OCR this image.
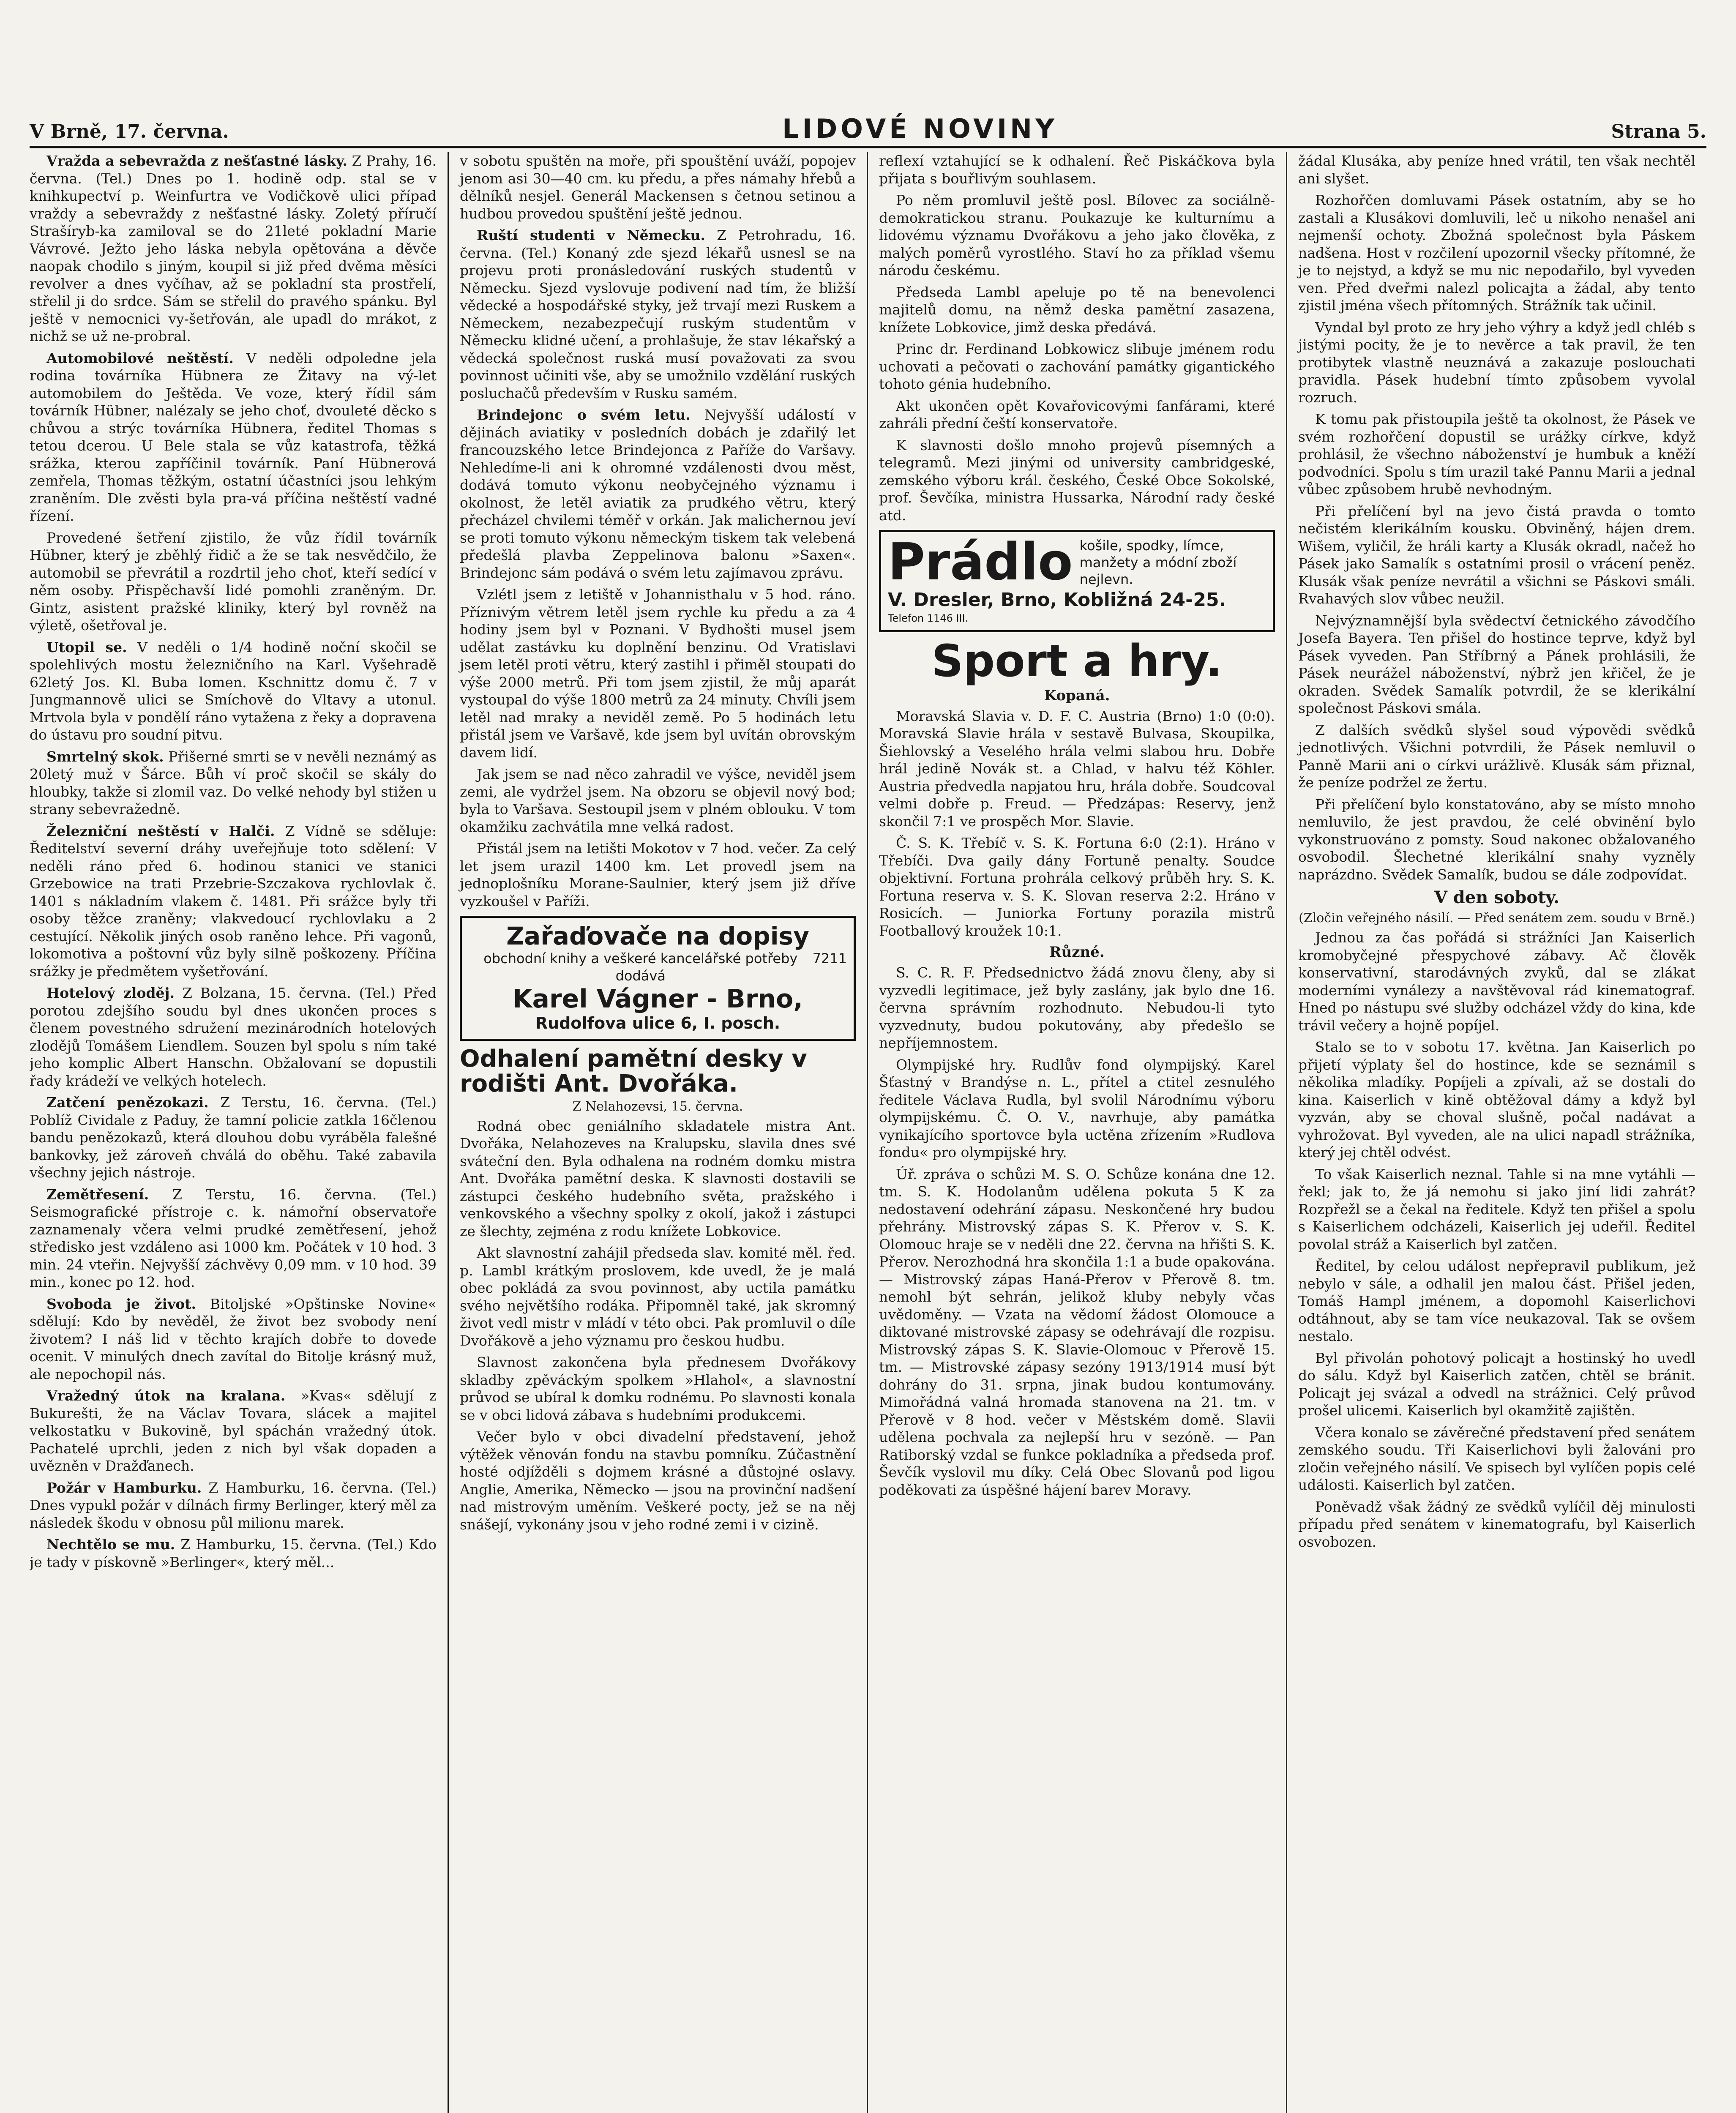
V Brně, 17. června.	LIDOVÉ NOVINY	Strana 5.

Vražda a sebevražda z nešťastné lásky. Z Prahy, 16. června. (Tel.) Dnes po 1. hodině odp. stal se v knihkupectví p. Weinfurtra ve Vodičkově ulici případ vraždy a sebevraždy z nešťastné lásky. Zoletý příručí Strašíryb-ka zamiloval se do 21leté pokladní Marie Vávrové. Ježto jeho láska nebyla opětována a děvče naopak chodilo s jiným, koupil si již před dvěma měsíci revolver a dnes vyčíhav, až se pokladní sta prostřelí, střelil ji do srdce. Sám se střelil do pravého spánku. Byl ještě v nemocnici vy-šetřován, ale upadl do mrákot, z nichž se už ne-probral.

Automobilové neštěstí. V neděli odpoledne jela rodina továrníka Hübnera ze Žitavy na vý-let automobilem do Ještěda. Ve voze, který řídil sám továrník Hübner, nalézaly se jeho choť, dvouleté děcko s chůvou a strýc továrníka Hübnera, ředitel Thomas s tetou dcerou. U Bele stala se vůz katastrofa, těžká srážka, kterou zapříčinil továrník. Paní Hübnerová zemřela, Thomas těžkým, ostatní účastníci jsou lehkým zraněním. Dle zvěsti byla pra-vá příčina neštěstí vadné řízení.

Provedené šetření zjistilo, že vůz řídil továrník Hübner, který je zběhlý řidič a že se tak nesvědčilo, že automobil se převrátil a rozdrtil jeho choť, kteří sedící v něm osoby. Přispěchavší lidé pomohli zraněným. Dr. Gintz, asistent pražské kliniky, který byl rovněž na výletě, ošetřoval je.

Utopil se. V neděli o 1/4 hodině noční skočil se spolehlivých mostu železničního na Karl. Vyšehradě 62letý Jos. Kl. Buba lomen. Kschnittz domu č. 7 v Jungmannově ulici se Smíchově do Vltavy a utonul. Mrtvola byla v pondělí ráno vytažena z řeky a dopravena do ústavu pro soudní pitvu.

Smrtelný skok. Přišerné smrti se v nevěli neznámý as 20letý muž v Šárce. Bůh ví proč skočil se skály do hloubky, takže si zlomil vaz. Do velké nehody byl stižen u strany sebevražedně.

Železniční neštěstí v Halči. Z Vídně se sděluje: Ředitelství severní dráhy uveřejňuje toto sdělení: V neděli ráno před 6. hodinou stanici ve stanici Grzebowice na trati Przebrie-Szczakova rychlovlak č. 1401 s nákladním vlakem č. 1481. Při srážce byly tři osoby těžce zraněny; vlakvedoucí rychlovlaku a 2 cestující. Několik jiných osob raněno lehce. Při vagonů, lokomotiva a poštovní vůz byly silně poškozeny. Příčina srážky je předmětem vyšetřování.

Hotelový zloděj. Z Bolzana, 15. června. (Tel.) Před porotou zdejšího soudu byl dnes ukončen proces s členem povestného sdružení mezinárodních hotelových zlodějů Tomášem Liendlem. Souzen byl spolu s ním také jeho komplic Albert Hanschn. Obžalovaní se dopustili řady krádeží ve velkých hotelech.

Zatčení penězokazi. Z Terstu, 16. června. (Tel.) Poblíž Cividale z Paduy, že tamní policie zatkla 16členou bandu penězokazů, která dlouhou dobu vyráběla falešné bankovky, jež zároveň chválá do oběhu. Také zabavila všechny jejich nástroje.

Zemětřesení. Z Terstu, 16. června. (Tel.) Seismografické přístroje c. k. námořní observatoře zaznamenaly včera velmi prudké zemětřesení, jehož středisko jest vzdáleno asi 1000 km. Počátek v 10 hod. 3 min. 24 vteřin. Nejvyšší záchvěvy 0,09 mm. v 10 hod. 39 min., konec po 12. hod.

Svoboda je život. Bitoljské »Opštinske Novine« sdělují: Kdo by nevěděl, že život bez svobody není životem? I náš lid v těchto krajích dobře to dovede ocenit. V minulých dnech zavítal do Bitolje krásný muž, ale nepochopil nás.

Vražedný útok na kralana. »Kvas« sdělují z Bukurešti, že na Václav Tovara, slácek a majitel velkostatku v Bukovině, byl spáchán vražedný útok. Pachatelé uprchli, jeden z nich byl však dopaden a uvězněn v Dražďanech.

Požár v Hamburku. Z Hamburku, 16. června. (Tel.) Dnes vypukl požár v dílnách firmy Berlinger, který měl za následek škodu v obnosu půl milionu marek.

Nechtělo se mu. Z Hamburku, 15. června. (Tel.) Kdo je tady v pískovně »Berlinger«, který měl...

v sobotu spuštěn na moře, při spouštění uváží, popojev jenom asi 30—40 cm. ku předu, a přes námahy hřebů a dělníků nesjel. Generál Mackensen s četnou setinou a hudbou provedou spuštění ještě jednou.

Ruští studenti v Německu. Z Petrohradu, 16. června. (Tel.) Konaný zde sjezd lékařů usnesl se na projevu proti pronásledování ruských studentů v Německu. Sjezd vyslovuje podivení nad tím, že bližší vědecké a hospodářské styky, jež trvají mezi Ruskem a Německem, nezabezpečují ruským studentům v Německu klidné učení, a prohlašuje, že stav lékařský a vědecká společnost ruská musí považovati za svou povinnost učiniti vše, aby se umožnilo vzdělání ruských posluchačů především v Rusku samém.

Brindejonc o svém letu. Nejvyšší událostí v dějinách aviatiky v posledních dobách je zdařilý let francouzského letce Brindejonca z Paříže do Varšavy. Nehledíme-li ani k ohromné vzdálenosti dvou měst, dodává tomuto výkonu neobyčejného významu i okolnost, že letěl aviatik za prudkého větru, který přecházel chvilemi téměř v orkán. Jak malichernou jeví se proti tomuto výkonu německým tiskem tak velebená předešlá plavba Zeppelinova balonu »Saxen«. Brindejonc sám podává o svém letu zajímavou zprávu.

Vzlétl jsem z letiště v Johannisthalu v 5 hod. ráno. Příznivým větrem letěl jsem rychle ku předu a za 4 hodiny jsem byl v Poznani. V Bydhošti musel jsem udělat zastávku ku doplnění benzinu. Od Vratislavi jsem letěl proti větru, který zastihl i přiměl stoupati do výše 2000 metrů. Při tom jsem zjistil, že můj aparát vystoupal do výše 1800 metrů za 24 minuty. Chvíli jsem letěl nad mraky a neviděl země. Po 5 hodinách letu přistál jsem ve Varšavě, kde jsem byl uvítán obrovským davem lidí.

Jak jsem se nad něco zahradil ve výšce, neviděl jsem zemi, ale vydržel jsem. Na obzoru se objevil nový bod; byla to Varšava. Sestoupil jsem v plném oblouku. V tom okamžiku zachvátila mne velká radost.

Přistál jsem na letišti Mokotov v 7 hod. večer. Za celý let jsem urazil 1400 km. Let provedl jsem na jednoplošníku Morane-Saulnier, který jsem již dříve vyzkoušel v Paříži.

Zařaďovače na dopisy
obchodní knihy a veškeré kancelářské potřeby dodává
7211
Karel Vágner - Brno,
Rudolfova ulice 6, I. posch.
Odhalení pamětní desky v rodišti Ant. Dvořáka.
Z Nelahozevsi, 15. června.

Rodná obec geniálního skladatele mistra Ant. Dvořáka, Nelahozeves na Kralupsku, slavila dnes své sváteční den. Byla odhalena na rodném domku mistra Ant. Dvořáka pamětní deska. K slavnosti dostavili se zástupci českého hudebního světa, pražského i venkovského a všechny spolky z okolí, jakož i zástupci ze šlechty, zejména z rodu knížete Lobkovice.

Akt slavnostní zahájil předseda slav. komité měl. řed. p. Lambl krátkým proslovem, kde uvedl, že je malá obec pokládá za svou povinnost, aby uctila památku svého největšího rodáka. Připomněl také, jak skromný život vedl mistr v mládí v této obci. Pak promluvil o díle Dvořákově a jeho významu pro českou hudbu.

Slavnost zakončena byla přednesem Dvořákovy skladby zpěváckým spolkem »Hlahol«, a slavnostní průvod se ubíral k domku rodnému. Po slavnosti konala se v obci lidová zábava s hudebními produkcemi.

Večer bylo v obci divadelní představení, jehož výtěžek věnován fondu na stavbu pomníku. Zúčastnění hosté odjížděli s dojmem krásné a důstojné oslavy. Anglie, Amerika, Německo — jsou na provinční nadšení nad mistrovým uměním. Veškeré pocty, jež se na něj snášejí, vykonány jsou v jeho rodné zemi i v cizině.

reflexí vztahující se k odhalení. Řeč Piskáčkova byla přijata s bouřlivým souhlasem.

Po něm promluvil ještě posl. Bílovec za sociálně-demokratickou stranu. Poukazuje ke kulturnímu a lidovému významu Dvořákovu a jeho jako člověka, z malých poměrů vyrostlého. Staví ho za příklad všemu národu českému.

Předseda Lambl apeluje po tě na benevolenci majitelů domu, na němž deska pamětní zasazena, knížete Lobkovice, jimž deska předává.

Princ dr. Ferdinand Lobkowicz slibuje jménem rodu uchovati a pečovati o zachování památky gigantického tohoto génia hudebního.

Akt ukončen opět Kovařovicovými fanfárami, které zahráli přední čeští konservatoře.

K slavnosti došlo mnoho projevů písemných a telegramů. Mezi jinými od university cambridgeské, zemského výboru král. českého, České Obce Sokolské, prof. Ševčíka, ministra Hussarka, Národní rady české atd.

Prádlo košile, spodky, límce, manžety a módní zboží nejlevn.
V. Dresler, Brno, Kobližná 24-25.
Telefon 1146 III.
Sport a hry.
Kopaná.

Moravská Slavia v. D. F. C. Austria (Brno) 1:0 (0:0). Moravská Slavie hrála v sestavě Bulvasa, Skoupilka, Šiehlovský a Veselého hrála velmi slabou hru. Dobře hrál jedině Novák st. a Chlad, v halvu též Köhler. Austria předvedla napjatou hru, hrála dobře. Soudcoval velmi dobře p. Freud. — Předzápas: Reservy, jenž skončil 7:1 ve prospěch Mor. Slavie.

Č. S. K. Třebíč v. S. K. Fortuna 6:0 (2:1). Hráno v Třebíči. Dva gaily dány Fortuně penalty. Soudce objektivní. Fortuna prohrála celkový průběh hry. S. K. Fortuna reserva v. S. K. Slovan reserva 2:2. Hráno v Rosicích. — Juniorka Fortuny porazila mistrů Footballový kroužek 10:1.

Různé.

S. C. R. F. Předsednictvo žádá znovu členy, aby si vyzvedli legitimace, jež byly zaslány, jak bylo dne 16. června správním rozhodnuto. Nebudou-li tyto vyzvednuty, budou pokutovány, aby předešlo se nepříjemnostem.

Olympijské hry. Rudlův fond olympijský. Karel Šťastný v Brandýse n. L., přítel a ctitel zesnulého ředitele Václava Rudla, byl svolil Národnímu výboru olympijskému. Č. O. V., navrhuje, aby památka vynikajícího sportovce byla uctěna zřízením »Rudlova fondu« pro olympijské hry.

Úř. zpráva o schůzi M. S. O. Schůze konána dne 12. tm. S. K. Hodolanům udělena pokuta 5 K za nedostavení odehrání zápasu. Neskončené hry budou přehrány. Mistrovský zápas S. K. Přerov v. S. K. Olomouc hraje se v neděli dne 22. června na hřišti S. K. Přerov. Nerozhodná hra skončila 1:1 a bude opakována. — Mistrovský zápas Haná-Přerov v Přerově 8. tm. nemohl být sehrán, jelikož kluby nebyly včas uvědoměny. — Vzata na vědomí žádost Olomouce a diktované mistrovské zápasy se odehrávají dle rozpisu. Mistrovský zápas S. K. Slavie-Olomouc v Přerově 15. tm. — Mistrovské zápasy sezóny 1913/1914 musí být dohrány do 31. srpna, jinak budou kontumovány. Mimořádná valná hromada stanovena na 21. tm. v Přerově v 8 hod. večer v Městském domě. Slavii udělena pochvala za nejlepší hru v sezóně. — Pan Ratiborský vzdal se funkce pokladníka a předseda prof. Ševčík vyslovil mu díky. Celá Obec Slovanů pod ligou poděkovati za úspěšné hájení barev Moravy.

žádal Klusáka, aby peníze hned vrátil, ten však nechtěl ani slyšet.

Rozhořčen domluvami Pásek ostatním, aby se ho zastali a Klusákovi domluvili, leč u nikoho nenašel ani nejmenší ochoty. Zbožná společnost byla Páskem nadšena. Host v rozčilení upozornil všecky přítomné, že je to nejstyd, a když se mu nic nepodařilo, byl vyveden ven. Před dveřmi nalezl policajta a žádal, aby tento zjistil jména všech přítomných. Strážník tak učinil.

Vyndal byl proto ze hry jeho výhry a když jedl chléb s jistými pocity, že je to nevěrce a tak pravil, že ten protibytek vlastně neuznává a zakazuje poslouchati pravidla. Pásek hudební tímto způsobem vyvolal rozruch.

K tomu pak přistoupila ještě ta okolnost, že Pásek ve svém rozhořčení dopustil se urážky církve, když prohlásil, že všechno náboženství je humbuk a kněží podvodníci. Spolu s tím urazil také Pannu Marii a jednal vůbec způsobem hrubě nevhodným.

Při přelíčení byl na jevo čistá pravda o tomto nečistém klerikálním kousku. Obviněný, hájen drem. Wišem, vyličil, že hráli karty a Klusák okradl, načež ho Pásek jako Samalík s ostatními prosil o vrácení peněz. Klusák však peníze nevrátil a všichni se Páskovi smáli. Rvahavých slov vůbec neužil.

Nejvýznamnější byla svědectví četnického závodčího Josefa Bayera. Ten přišel do hostince teprve, když byl Pásek vyveden. Pan Stříbrný a Pánek prohlásili, že Pásek neurážel náboženství, nýbrž jen křičel, že je okraden. Svědek Samalík potvrdil, že se klerikální společnost Páskovi smála.

Z dalších svědků slyšel soud výpovědi svědků jednotlivých. Všichni potvrdili, že Pásek nemluvil o Panně Marii ani o církvi urážlivě. Klusák sám přiznal, že peníze podržel ze žertu.

Při přelíčení bylo konstatováno, aby se místo mnoho nemluvilo, že jest pravdou, že celé obvinění bylo vykonstruováno z pomsty. Soud nakonec obžalovaného osvobodil. Šlechetné klerikální snahy vyzněly naprázdno. Svědek Samalík, budou se dále zodpovídat.

V den soboty.
(Zločin veřejného násilí. — Před senátem zem. soudu v Brně.)

Jednou za čas pořádá si strážníci Jan Kaiserlich kromobyčejné přespychové zábavy. Ač člověk konservativní, starodávných zvyků, dal se zlákat moderními vynálezy a navštěvoval rád kinematograf. Hned po nástupu své služby odcházel vždy do kina, kde trávil večery a hojně popíjel.

Stalo se to v sobotu 17. května. Jan Kaiserlich po přijetí výplaty šel do hostince, kde se seznámil s několika mladíky. Popíjeli a zpívali, až se dostali do kina. Kaiserlich v kině obtěžoval dámy a když byl vyzván, aby se choval slušně, počal nadávat a vyhrožovat. Byl vyveden, ale na ulici napadl strážníka, který jej chtěl odvést.

To však Kaiserlich neznal. Tahle si na mne vytáhli — řekl; jak to, že já nemohu si jako jiní lidi zahrát? Rozpřežl se a čekal na ředitele. Když ten přišel a spolu s Kaiserlichem odcházeli, Kaiserlich jej udeřil. Ředitel povolal stráž a Kaiserlich byl zatčen.

Ředitel, by celou událost nepřepravil publikum, jež nebylo v sále, a odhalil jen malou část. Přišel jeden, Tomáš Hampl jménem, a dopomohl Kaiserlichovi odtáhnout, aby se tam více neukazoval. Tak se ovšem nestalo.

Byl přivolán pohotový policajt a hostinský ho uvedl do sálu. Když byl Kaiserlich zatčen, chtěl se bránit. Policajt jej svázal a odvedl na strážnici. Celý průvod prošel ulicemi. Kaiserlich byl okamžitě zajištěn.

Včera konalo se závěrečné představení před senátem zemského soudu. Tři Kaiserlichovi byli žalováni pro zločin veřejného násilí. Ve spisech byl vylíčen popis celé události. Kaiserlich byl zatčen.

Poněvadž však žádný ze svědků vylíčil děj minulosti případu před senátem v kinematografu, byl Kaiserlich osvobozen.
